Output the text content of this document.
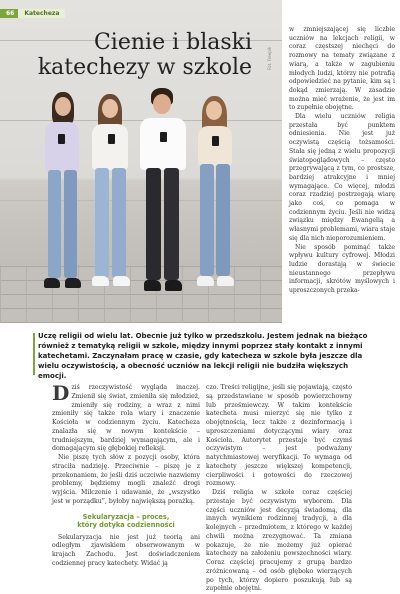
Cienie i blaski
katechezy w szkole	Fot. Freepik
66	Katecheza

w zmniejszającej się liczbie uczniów na lekcjach religii, w coraz częstszej niechęci do rozmowy na tematy związane z wiarą, a także w zagubieniu młodych ludzi, którzy nie potrafią odpowiedzieć na pytanie, kim są i dokąd zmierzają. W zasadzie można mieć wrażenie, że jest im to zupełnie obojętne.

Dla wielu uczniów religia przestała być punktem odniesienia. Nie jest już oczywistą częścią tożsamości. Stała się jedną z wielu propozycji światopoglądowych – często przegrywającą z tym, co prostsze, bardziej atrakcyjne i mniej wymagające. Co więcej, młodzi coraz rzadziej postrzegają wiarę jako coś, co pomaga w codziennym życiu. Jeśli nie widzą związku między Ewangelią a własnymi problemami, wiara staje się dla nich nieporozumieniem.

Nie sposób pominąć także wpływu kultury cyfrowej. Młodzi ludzie dorastają w świecie nieustannego przepływu informacji, skrótów myślowych i uproszczonych przeka-

Uczę religii od wielu lat. Obecnie już tylko w przedszkolu. Jestem jednak na bieżąco również z tematyką religii w szkole, między innymi poprzez stały kontakt z innymi katechetami. Zaczynałam pracę w czasie, gdy katecheza w szkole była jeszcze dla wielu oczywistością, a obecność uczniów na lekcji religii nie budziła większych emocji.

Dziś rzeczywistość wygląda inaczej. Zmienił się świat, zmieniła się młodzież, zmieniły się rodziny, a wraz z nimi zmieniły się także rola wiary i znaczenie Kościoła w codziennym życiu. Katecheza znalazła się w nowym kontekście – trudniejszym, bardziej wymagającym, ale i domagającym się głębokiej refleksji.

Nie piszę tych słów z pozycji osoby, która straciła nadzieję. Przeciwnie – piszę je z przekonaniem, że jeśli dziś uczciwie nazwiemy problemy, będziemy mogli znaleźć drogi wyjścia. Milczenie i udawanie, że „wszystko jest w porządku”, byłoby największą porażką.

Sekularyzacja – proces,
który dotyka codzienności

Sekularyzacja nie jest już teorią ani odległym zjawiskiem obserwowanym w krajach Zachodu. Jest doświadczeniem codziennej pracy katechety. Widać ją

czo. Treści religijne, jeśli się pojawiają, często są przedstawiane w sposób powierzchowny lub prześmiewczy. W takim kontekście katecheta musi mierzyć się nie tylko z obojętnością, lecz także z dezinformacją i uproszczeniami dotyczącymi wiary oraz Kościoła. Autorytet przestaje być czymś oczywistym – jest podważany natychmiastowej weryfikacji. To wymaga od katechety jeszcze większej kompetencji, cierpliwości i gotowości do rzeczowej rozmowy.

Dziś religia w szkole coraz częściej przestaje być oczywistym wyborem. Dla części uczniów jest decyzją świadomą, dla innych wynikiem rodzinnej tradycji, a dla kolejnych – przedmiotem, z którego w każdej chwili można zrezygnować. Ta zmiana pokazuje, że nie możemy już opierać katechezy na założeniu powszechności wiary. Coraz częściej pracujemy z grupą bardzo zróżnicowaną – od osób głęboko wierzących po tych, którzy dopiero poszukują lub są zupełnie obojętni.
